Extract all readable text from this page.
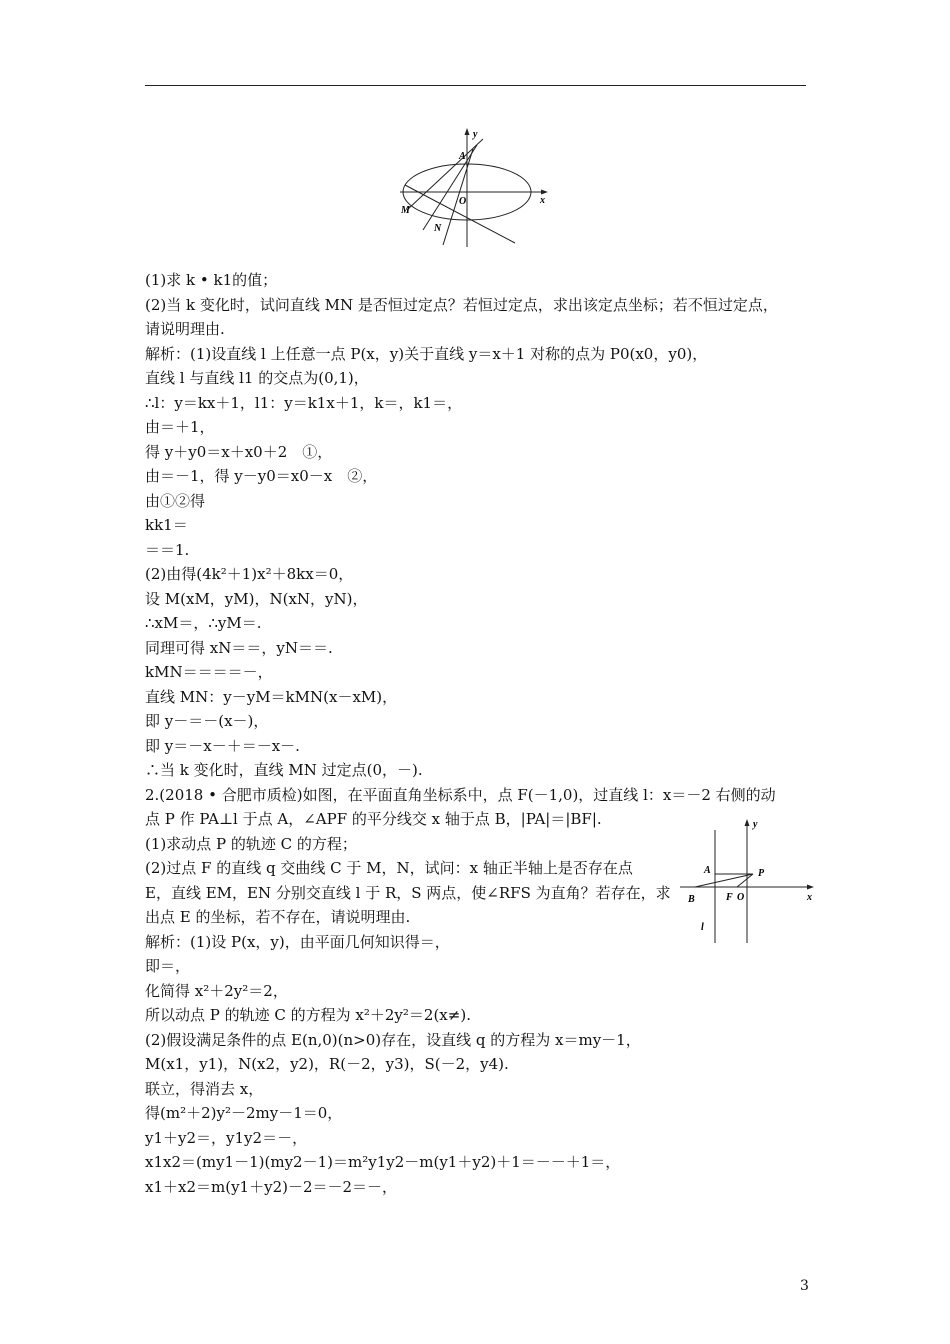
y
x
A
O
M
N
(1)求 k • k1的值；
(2)当 k 变化时，试问直线 MN 是否恒过定点？若恒过定点，求出该定点坐标；若不恒过定点，
请说明理由.
解析：(1)设直线 l 上任意一点 P(x，y)关于直线 y＝x＋1 对称的点为 P0(x0，y0)，
直线 l 与直线 l1 的交点为(0,1)，
∴l：y＝kx＋1，l1：y＝k1x＋1，k＝，k1＝，
由＝＋1，
得 y＋y0＝x＋x0＋2　①，
由＝－1，得 y－y0＝x0－x　②，
由①②得
kk1＝
＝＝1.
(2)由得(4k²＋1)x²＋8kx＝0，
设 M(xM，yM)，N(xN，yN)，
∴xM＝，∴yM＝.
同理可得 xN＝＝，yN＝＝.
kMN＝＝＝＝－，
直线 MN：y－yM＝kMN(x－xM)，
即 y－＝－(x－)，
即 y＝－x－＋＝－x－.
∴当 k 变化时，直线 MN 过定点(0，－).
2.(2018 • 合肥市质检)如图，在平面直角坐标系中，点 F(－1,0)，过直线 l：x＝－2 右侧的动
点 P 作 PA⊥l 于点 A，∠APF 的平分线交 x 轴于点 B，|PA|＝|BF|.
(1)求动点 P 的轨迹 C 的方程；
(2)过点 F 的直线 q 交曲线 C 于 M，N，试问：x 轴正半轴上是否存在点
E，直线 EM，EN 分别交直线 l 于 R，S 两点，使∠RFS 为直角？若存在，求
出点 E 的坐标，若不存在，请说明理由.
解析：(1)设 P(x，y)，由平面几何知识得＝，
即＝，
化简得 x²＋2y²＝2，
所以动点 P 的轨迹 C 的方程为 x²＋2y²＝2(x≠).
(2)假设满足条件的点 E(n,0)(n>0)存在，设直线 q 的方程为 x＝my－1，
M(x1，y1)，N(x2，y2)，R(－2，y3)，S(－2，y4).
联立，得消去 x，
得(m²＋2)y²－2my－1＝0，
y1＋y2＝，y1y2＝－，
x1x2＝(my1－1)(my2－1)＝m²y1y2－m(y1＋y2)＋1＝－－＋1＝，
x1＋x2＝m(y1＋y2)－2＝－2＝－，
y
x
A	P
B	F O
l
3
